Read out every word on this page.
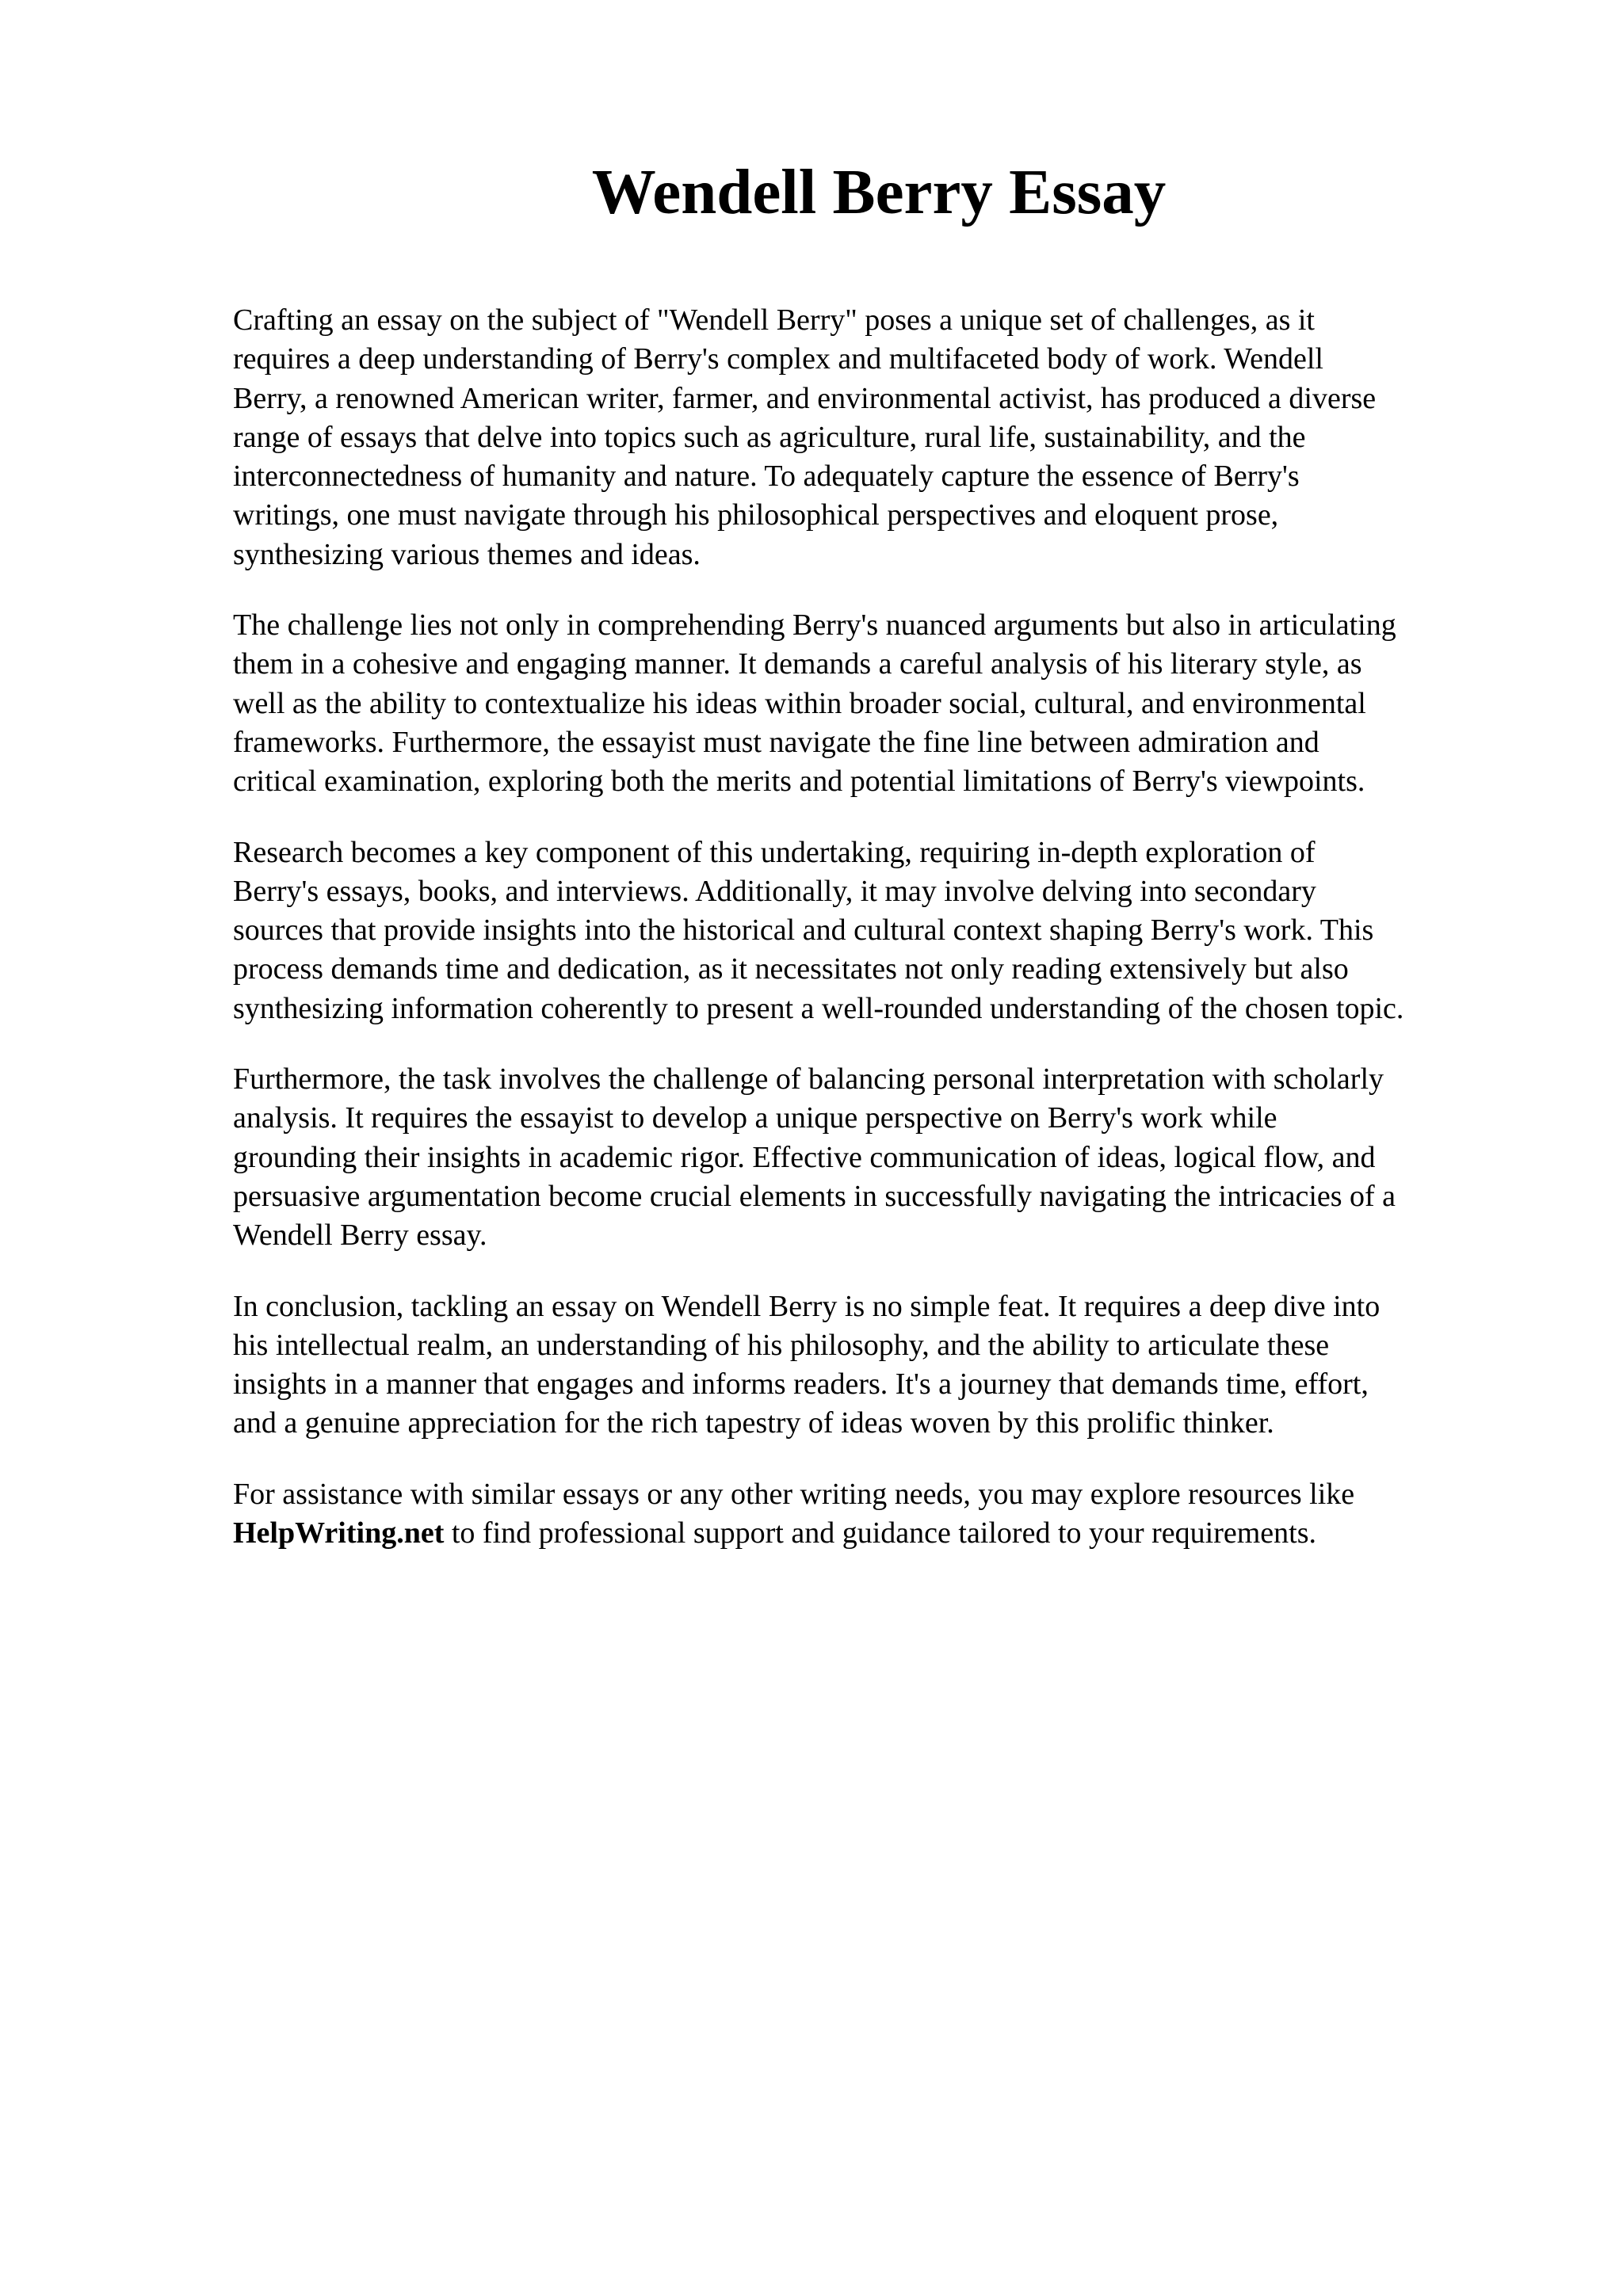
Wendell Berry Essay

Crafting an essay on the subject of "Wendell Berry" poses a unique set of challenges, as it
requires a deep understanding of Berry's complex and multifaceted body of work. Wendell
Berry, a renowned American writer, farmer, and environmental activist, has produced a diverse
range of essays that delve into topics such as agriculture, rural life, sustainability, and the
interconnectedness of humanity and nature. To adequately capture the essence of Berry's
writings, one must navigate through his philosophical perspectives and eloquent prose,
synthesizing various themes and ideas.

The challenge lies not only in comprehending Berry's nuanced arguments but also in articulating
them in a cohesive and engaging manner. It demands a careful analysis of his literary style, as
well as the ability to contextualize his ideas within broader social, cultural, and environmental
frameworks. Furthermore, the essayist must navigate the fine line between admiration and
critical examination, exploring both the merits and potential limitations of Berry's viewpoints.

Research becomes a key component of this undertaking, requiring in-depth exploration of
Berry's essays, books, and interviews. Additionally, it may involve delving into secondary
sources that provide insights into the historical and cultural context shaping Berry's work. This
process demands time and dedication, as it necessitates not only reading extensively but also
synthesizing information coherently to present a well-rounded understanding of the chosen topic.

Furthermore, the task involves the challenge of balancing personal interpretation with scholarly
analysis. It requires the essayist to develop a unique perspective on Berry's work while
grounding their insights in academic rigor. Effective communication of ideas, logical flow, and
persuasive argumentation become crucial elements in successfully navigating the intricacies of a
Wendell Berry essay.

In conclusion, tackling an essay on Wendell Berry is no simple feat. It requires a deep dive into
his intellectual realm, an understanding of his philosophy, and the ability to articulate these
insights in a manner that engages and informs readers. It's a journey that demands time, effort,
and a genuine appreciation for the rich tapestry of ideas woven by this prolific thinker.

For assistance with similar essays or any other writing needs, you may explore resources like
HelpWriting.net to find professional support and guidance tailored to your requirements.
